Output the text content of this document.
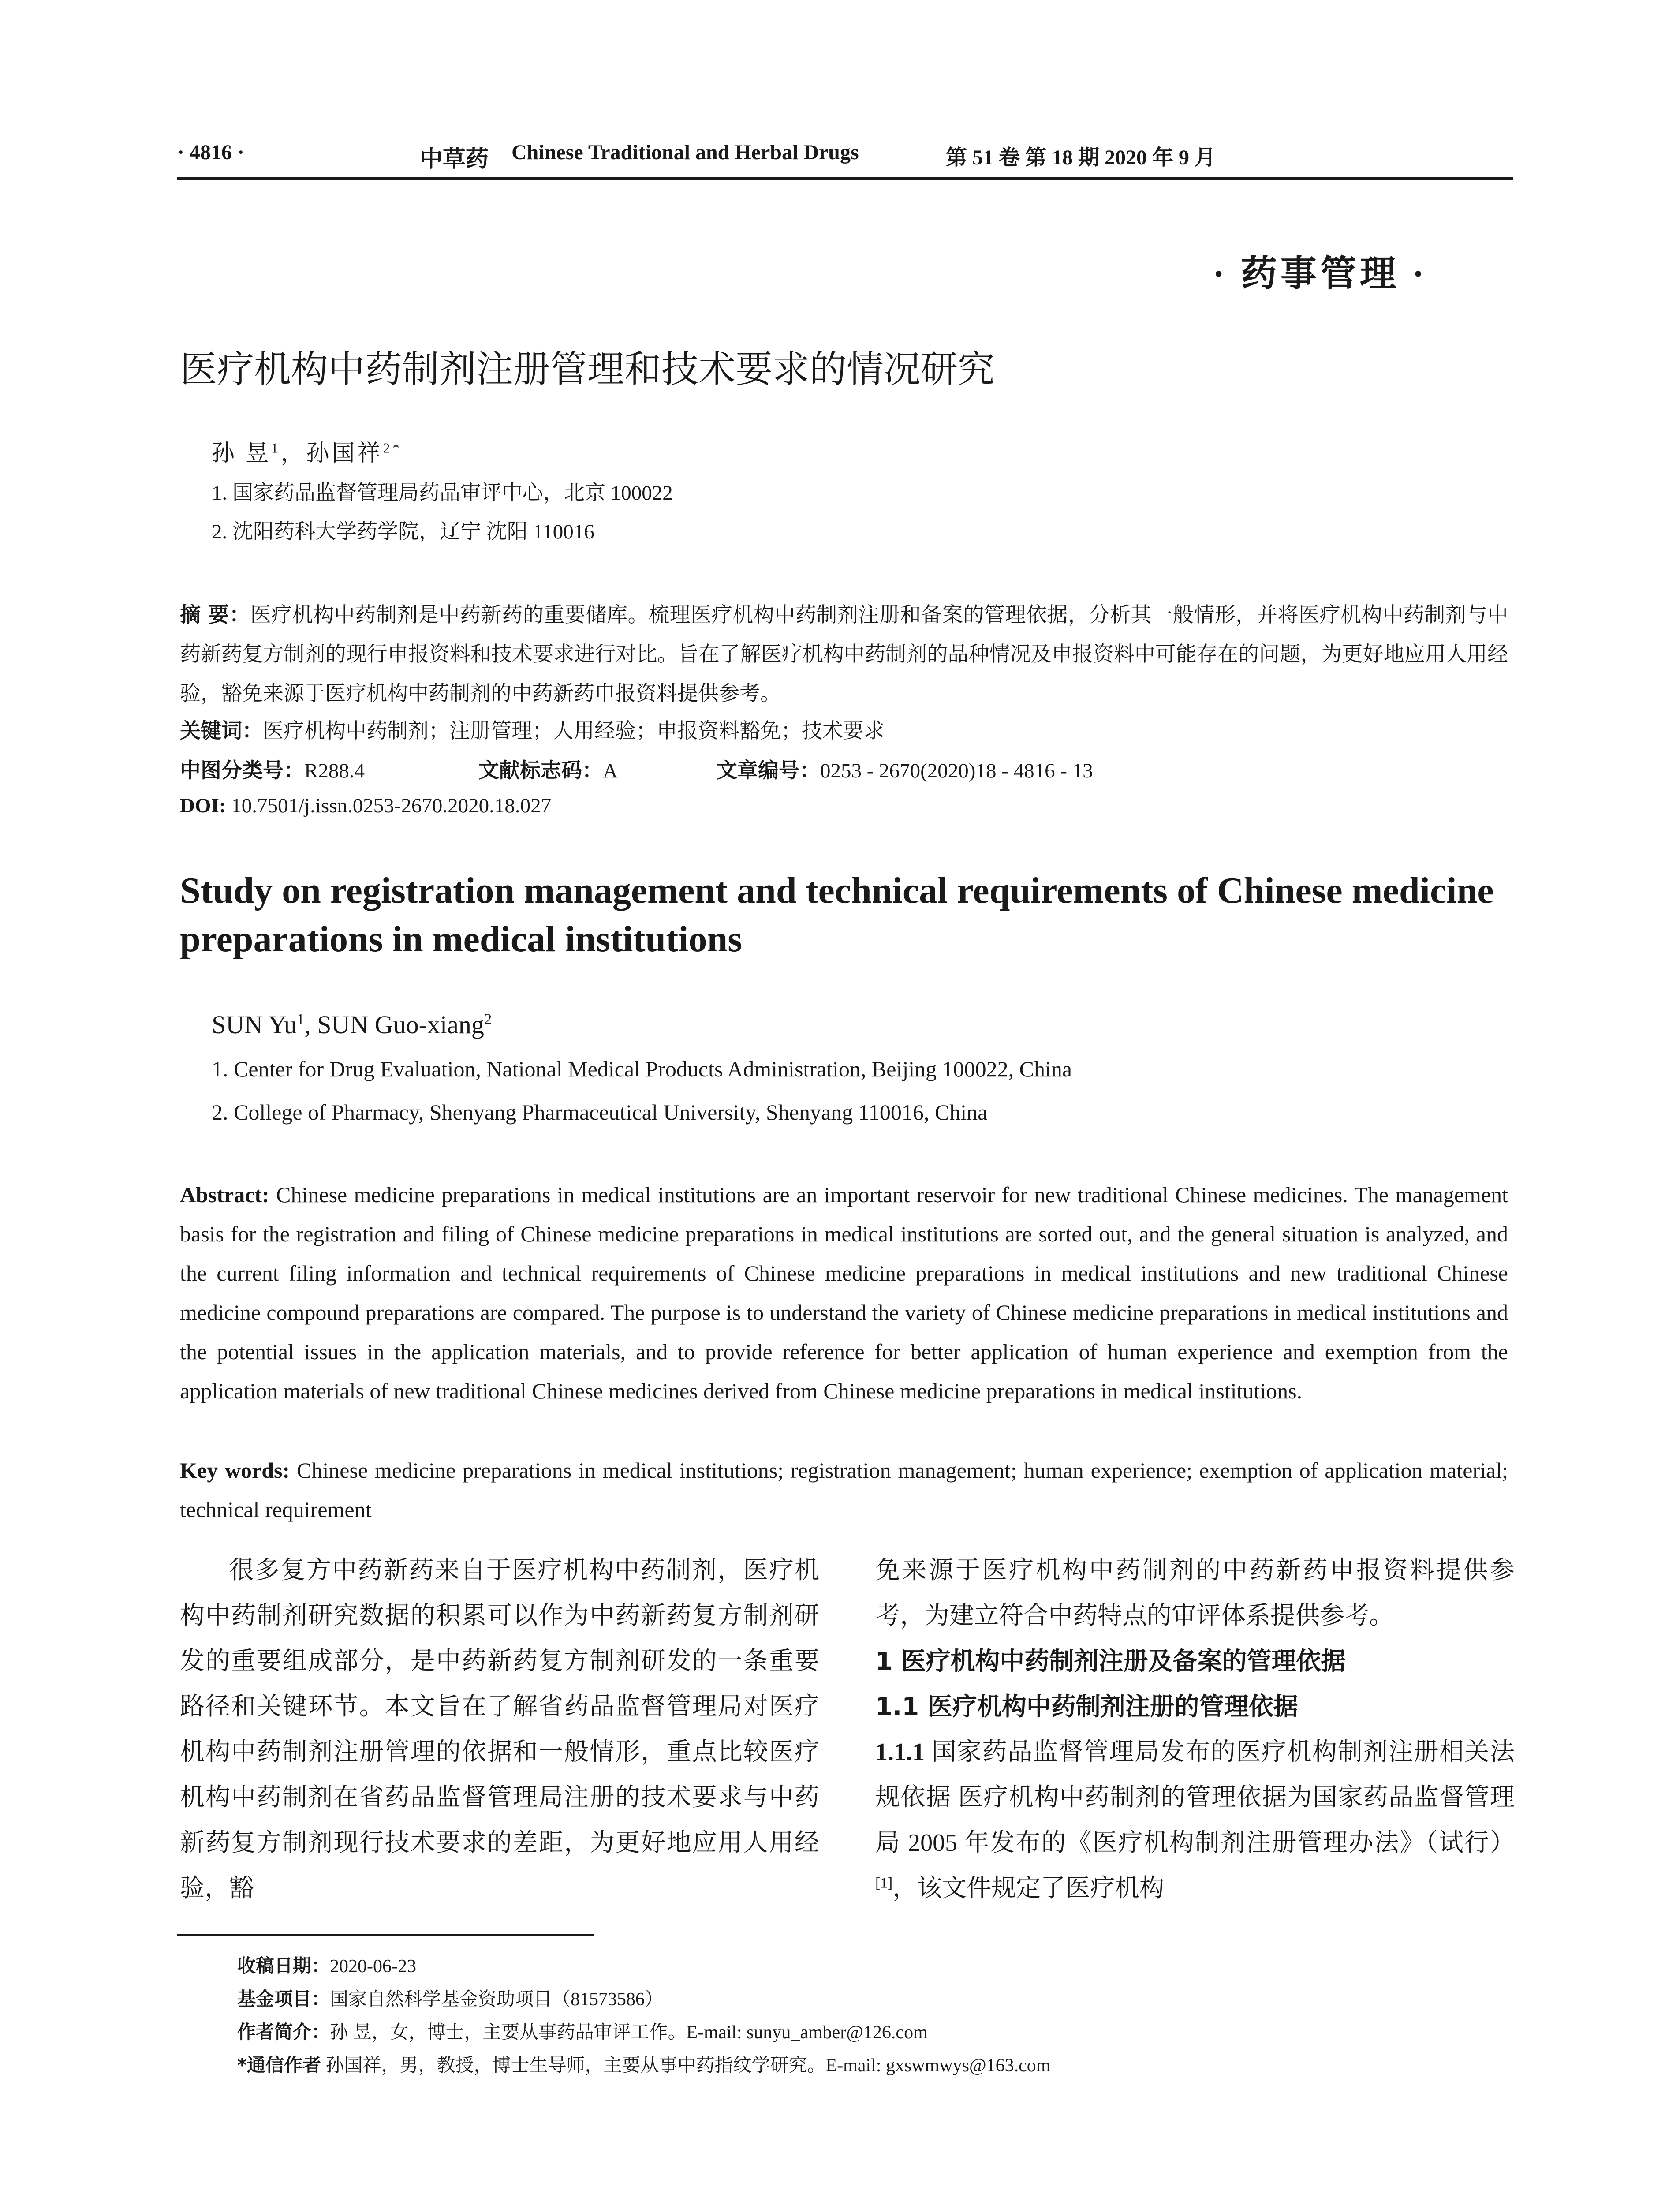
· 4816 ·	中草药 Chinese Traditional and Herbal Drugs	第 51 卷 第 18 期 2020 年 9 月
· 药事管理 ·
医疗机构中药制剂注册管理和技术要求的情况研究
孙 昱$^1$，孙国祥$^{2*}$
1. 国家药品监督管理局药品审评中心，北京 100022
2. 沈阳药科大学药学院，辽宁 沈阳 110016
摘 要：医疗机构中药制剂是中药新药的重要储库。梳理医疗机构中药制剂注册和备案的管理依据，分析其一般情形，并将医疗机构中药制剂与中药新药复方制剂的现行申报资料和技术要求进行对比。旨在了解医疗机构中药制剂的品种情况及申报资料中可能存在的问题，为更好地应用人用经验，豁免来源于医疗机构中药制剂的中药新药申报资料提供参考。
关键词：医疗机构中药制剂；注册管理；人用经验；申报资料豁免；技术要求
中图分类号：R288.4	文献标志码：A	文章编号：0253 - 2670(2020)18 - 4816 - 13
DOI: 10.7501/j.issn.0253-2670.2020.18.027
Study on registration management and technical requirements of Chinese medicine preparations in medical institutions
SUN Yu$^1$, SUN Guo-xiang$^2$
1. Center for Drug Evaluation, National Medical Products Administration, Beijing 100022, China
2. College of Pharmacy, Shenyang Pharmaceutical University, Shenyang 110016, China
Abstract: Chinese medicine preparations in medical institutions are an important reservoir for new traditional Chinese medicines. The management basis for the registration and filing of Chinese medicine preparations in medical institutions are sorted out, and the general situation is analyzed, and the current filing information and technical requirements of Chinese medicine preparations in medical institutions and new traditional Chinese medicine compound preparations are compared. The purpose is to understand the variety of Chinese medicine preparations in medical institutions and the potential issues in the application materials, and to provide reference for better application of human experience and exemption from the application materials of new traditional Chinese medicines derived from Chinese medicine preparations in medical institutions.
Key words: Chinese medicine preparations in medical institutions; registration management; human experience; exemption of application material; technical requirement
很多复方中药新药来自于医疗机构中药制剂，医疗机构中药制剂研究数据的积累可以作为中药新药复方制剂研发的重要组成部分，是中药新药复方制剂研发的一条重要路径和关键环节。本文旨在了解省药品监督管理局对医疗机构中药制剂注册管理的依据和一般情形，重点比较医疗机构中药制剂在省药品监督管理局注册的技术要求与中药新药复方制剂现行技术要求的差距，为更好地应用人用经验，豁
免来源于医疗机构中药制剂的中药新药申报资料提供参考，为建立符合中药特点的审评体系提供参考。
1 医疗机构中药制剂注册及备案的管理依据
1.1 医疗机构中药制剂注册的管理依据
1.1.1 国家药品监督管理局发布的医疗机构制剂注册相关法规依据 医疗机构中药制剂的管理依据为国家药品监督管理局 2005 年发布的《医疗机构制剂注册管理办法》（试行）[1]，该文件规定了医疗机构
收稿日期：2020-06-23
基金项目：国家自然科学基金资助项目（81573586）
作者简介：孙 昱，女，博士，主要从事药品审评工作。E-mail: sunyu_amber@126.com
*通信作者 孙国祥，男，教授，博士生导师，主要从事中药指纹学研究。E-mail: gxswmwys@163.com
